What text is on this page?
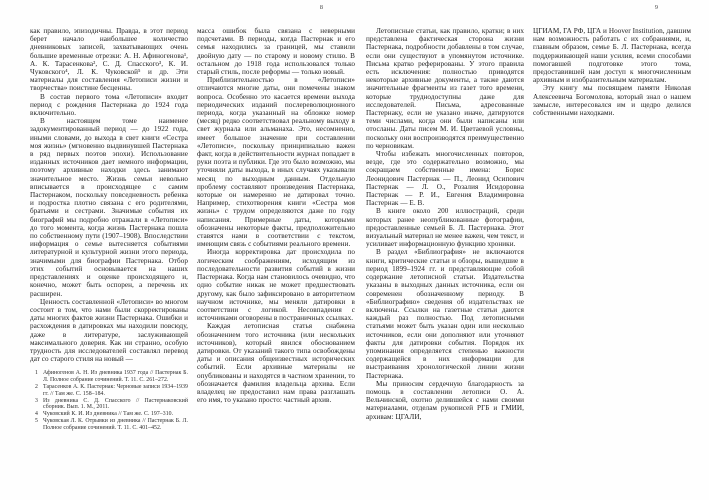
8

как правило, эпизодичны. Правда, в этот период берет начало наибольшее количество дневниковых записей, захватывающих очень большие временные отрезки: А. Н. Афиногенова¹, А. К. Тарасенкова², С. Д. Спасского³, К. И. Чуковского⁴, Л. К. Чуковской⁵ и др. Эти материалы для составления «Летописи жизни и творчества» поистине бесценны.

В состав первого тома «Летописи» входит период с рождения Пастернака до 1924 года включительно.

В настоящем томе наименее задокументированный период — до 1922 года, иными словами, до выхода в свет книги «Сестра моя жизнь» (мгновенно выдвинувшей Пастернака в ряд первых поэтов эпохи). Использование изданных источников дает немного информации, поэтому архивные находки здесь занимают значительное место. Жизнь семьи невольно вписывается в происходящее с самим Пастернаком, поскольку повседневность ребенка и подростка плотно связана с его родителями, братьями и сестрами. Значимые события их биографий мы подробно отражали в «Летописи» до того момента, когда жизнь Пастернака пошла по собственному пути (1907–1908). Впоследствии информация о семье вытесняется событиями литературной и культурной жизни этого периода, значимыми для биографии Пастернака. Отбор этих событий основывается на наших представлениях и оценке происходящего и, конечно, может быть оспорен, а перечень их расширен.

Ценность составленной «Летописи» во многом состоит в том, что нами были скорректированы даты многих фактов жизни Пастернака. Ошибки и расхождения в датировках мы находили повсюду, даже в литературе, заслуживающей максимального доверия. Как ни странно, особую трудность для исследователей составлял перевод дат со старого стиля на новый —

1 Афиногенов А. Н. Из дневника 1937 года // Пастернак Б. Л. Полное собрание сочинений. Т. 11. С. 261–272.
2 Тарасенков А. К. Пастернак: Черновые записи 1934–1939 гг. // Там же. С. 158–184.
3 Из дневника С. Д. Спасского // Пастернаковский сборник. Вып. 1. М., 2011.
4 Чуковский К. И. Из дневника // Там же. С. 197–310.
5 Чуковская Л. К. Отрывки из дневника // Пастернак Б. Л. Полное собрание сочинений. Т. 11. С. 401–452.

масса ошибок была связана с неверными подсчетами. В периоды, когда Пастернак и его семья находились за границей, мы ставили двойную дату — по старому и новому стилю. В остальном до 1918 года использовался только старый стиль, после реформы — только новый.

Приблизительностью в «Летописи» отличаются многие даты, они помечены знаком вопроса. Особенно это касается времени выхода периодических изданий послереволюционного периода, когда указанный на обложке номер (месяц) редко соответствовал реальному выходу в свет журнала или альманаха. Это, несомненно, имеет большое значение при составлении «Летописи», поскольку принципиально важен факт, когда в действительности журнал попадает в руки поэта и публики. Где это было возможно, мы уточняли даты выхода, в иных случаях указывали месяц по выходным данным. Отдельную проблему составляют произведения Пастернака, которые он намеренно не датировал точно. Например, стихотворения книги «Сестра моя жизнь» с трудом определяются даже по году написания. Примерные даты, которыми обозначены некоторые факты, предположительно ставятся нами в соответствии с текстом, имеющим связь с событиями реального времени.

Иногда корректировка дат происходила по логическим соображениям, исходящим из последовательности развития событий в жизни Пастернака. Когда нам становилось очевидно, что одно событие никак не может предшествовать другому, как было зафиксировано в авторитетном научном источнике, мы меняли датировки в соответствии с логикой. Несовпадения с источниками оговорены в постраничных ссылках.

Каждая летописная статья снабжена обозначением того источника (или нескольких источников), который явился обоснованием датировки. От указаний такого типа освобождены даты и описания общеизвестных исторических событий. Если архивные материалы не опубликованы и находятся в частном хранении, то обозначается фамилия владельца архива. Если владелец не предоставил нам права разглашать его имя, то указано просто: частный архив.

9

Летописные статьи, как правило, кратки; в них представлена фактическая сторона жизни Пастернака, подробности добавлены в том случае, если они существуют в упомянутом источнике. Письма кратко реферированы. У этого правила есть исключения: полностью приводятся некоторые архивные документы, а также даются значительные фрагменты из газет того времени, которые труднодоступны даже для исследователей. Письма, адресованные Пастернаку, если не указано иначе, датируются теми числами, когда они были написаны или отосланы. Даты писем М. И. Цветаевой условны, поскольку они воспроизводятся преимущественно по черновикам.

Чтобы избежать многочисленных повторов, везде, где это содержательно возможно, мы сокращаем собственные имена: Борис Леонидович Пастернак — П., Леонид Осипович Пастернак — Л. О., Розалия Исидоровна Пастернак — Р. И., Евгения Владимировна Пастернак — Е. В.

В книге около 200 иллюстраций, среди которых ранее неопубликованные фотографии, предоставленные семьей Б. Л. Пастернака. Этот визуальный материал не менее важен, чем текст, и усиливает информационную функцию хроники.

В раздел «Библиография» не включаются книги, критические статьи и обзоры, вышедшие в период 1899–1924 гг. и представляющие собой содержание летописной статьи. Издательства указаны в выходных данных источника, если он современен обозначенному периоду. В «Библиографию» сведения об издательствах не включены. Ссылки на газетные статьи даются каждый раз полностью. Под летописными статьями может быть указан один или несколько источников, если они дополняют или уточняют факты для датировки события. Порядок их упоминания определяется степенью важности содержащейся в них информации для выстраивания хронологической линии жизни Пастернака.

Мы приносим сердечную благодарность за помощь в составлении летописи О. А. Вельчинской, охотно делившейся с нами своими материалами, отделам рукописей РГБ и ГМИИ, архивам: ЦГАЛИ,

ЦГИАМ, ГА РФ, ЦГА и Hoover Institution, давшим нам возможность работать с их собраниями, и, главным образом, семье Б. Л. Пастернака, всегда поддерживающей наши усилия, всеми способами помогавшей подготовке этого тома, предоставившей нам доступ к многочисленным архивным и изобразительным материалам.

Эту книгу мы посвящаем памяти Николая Алексеевича Богомолова, который знал о нашем замысле, интересовался им и щедро делился собственными находками.
